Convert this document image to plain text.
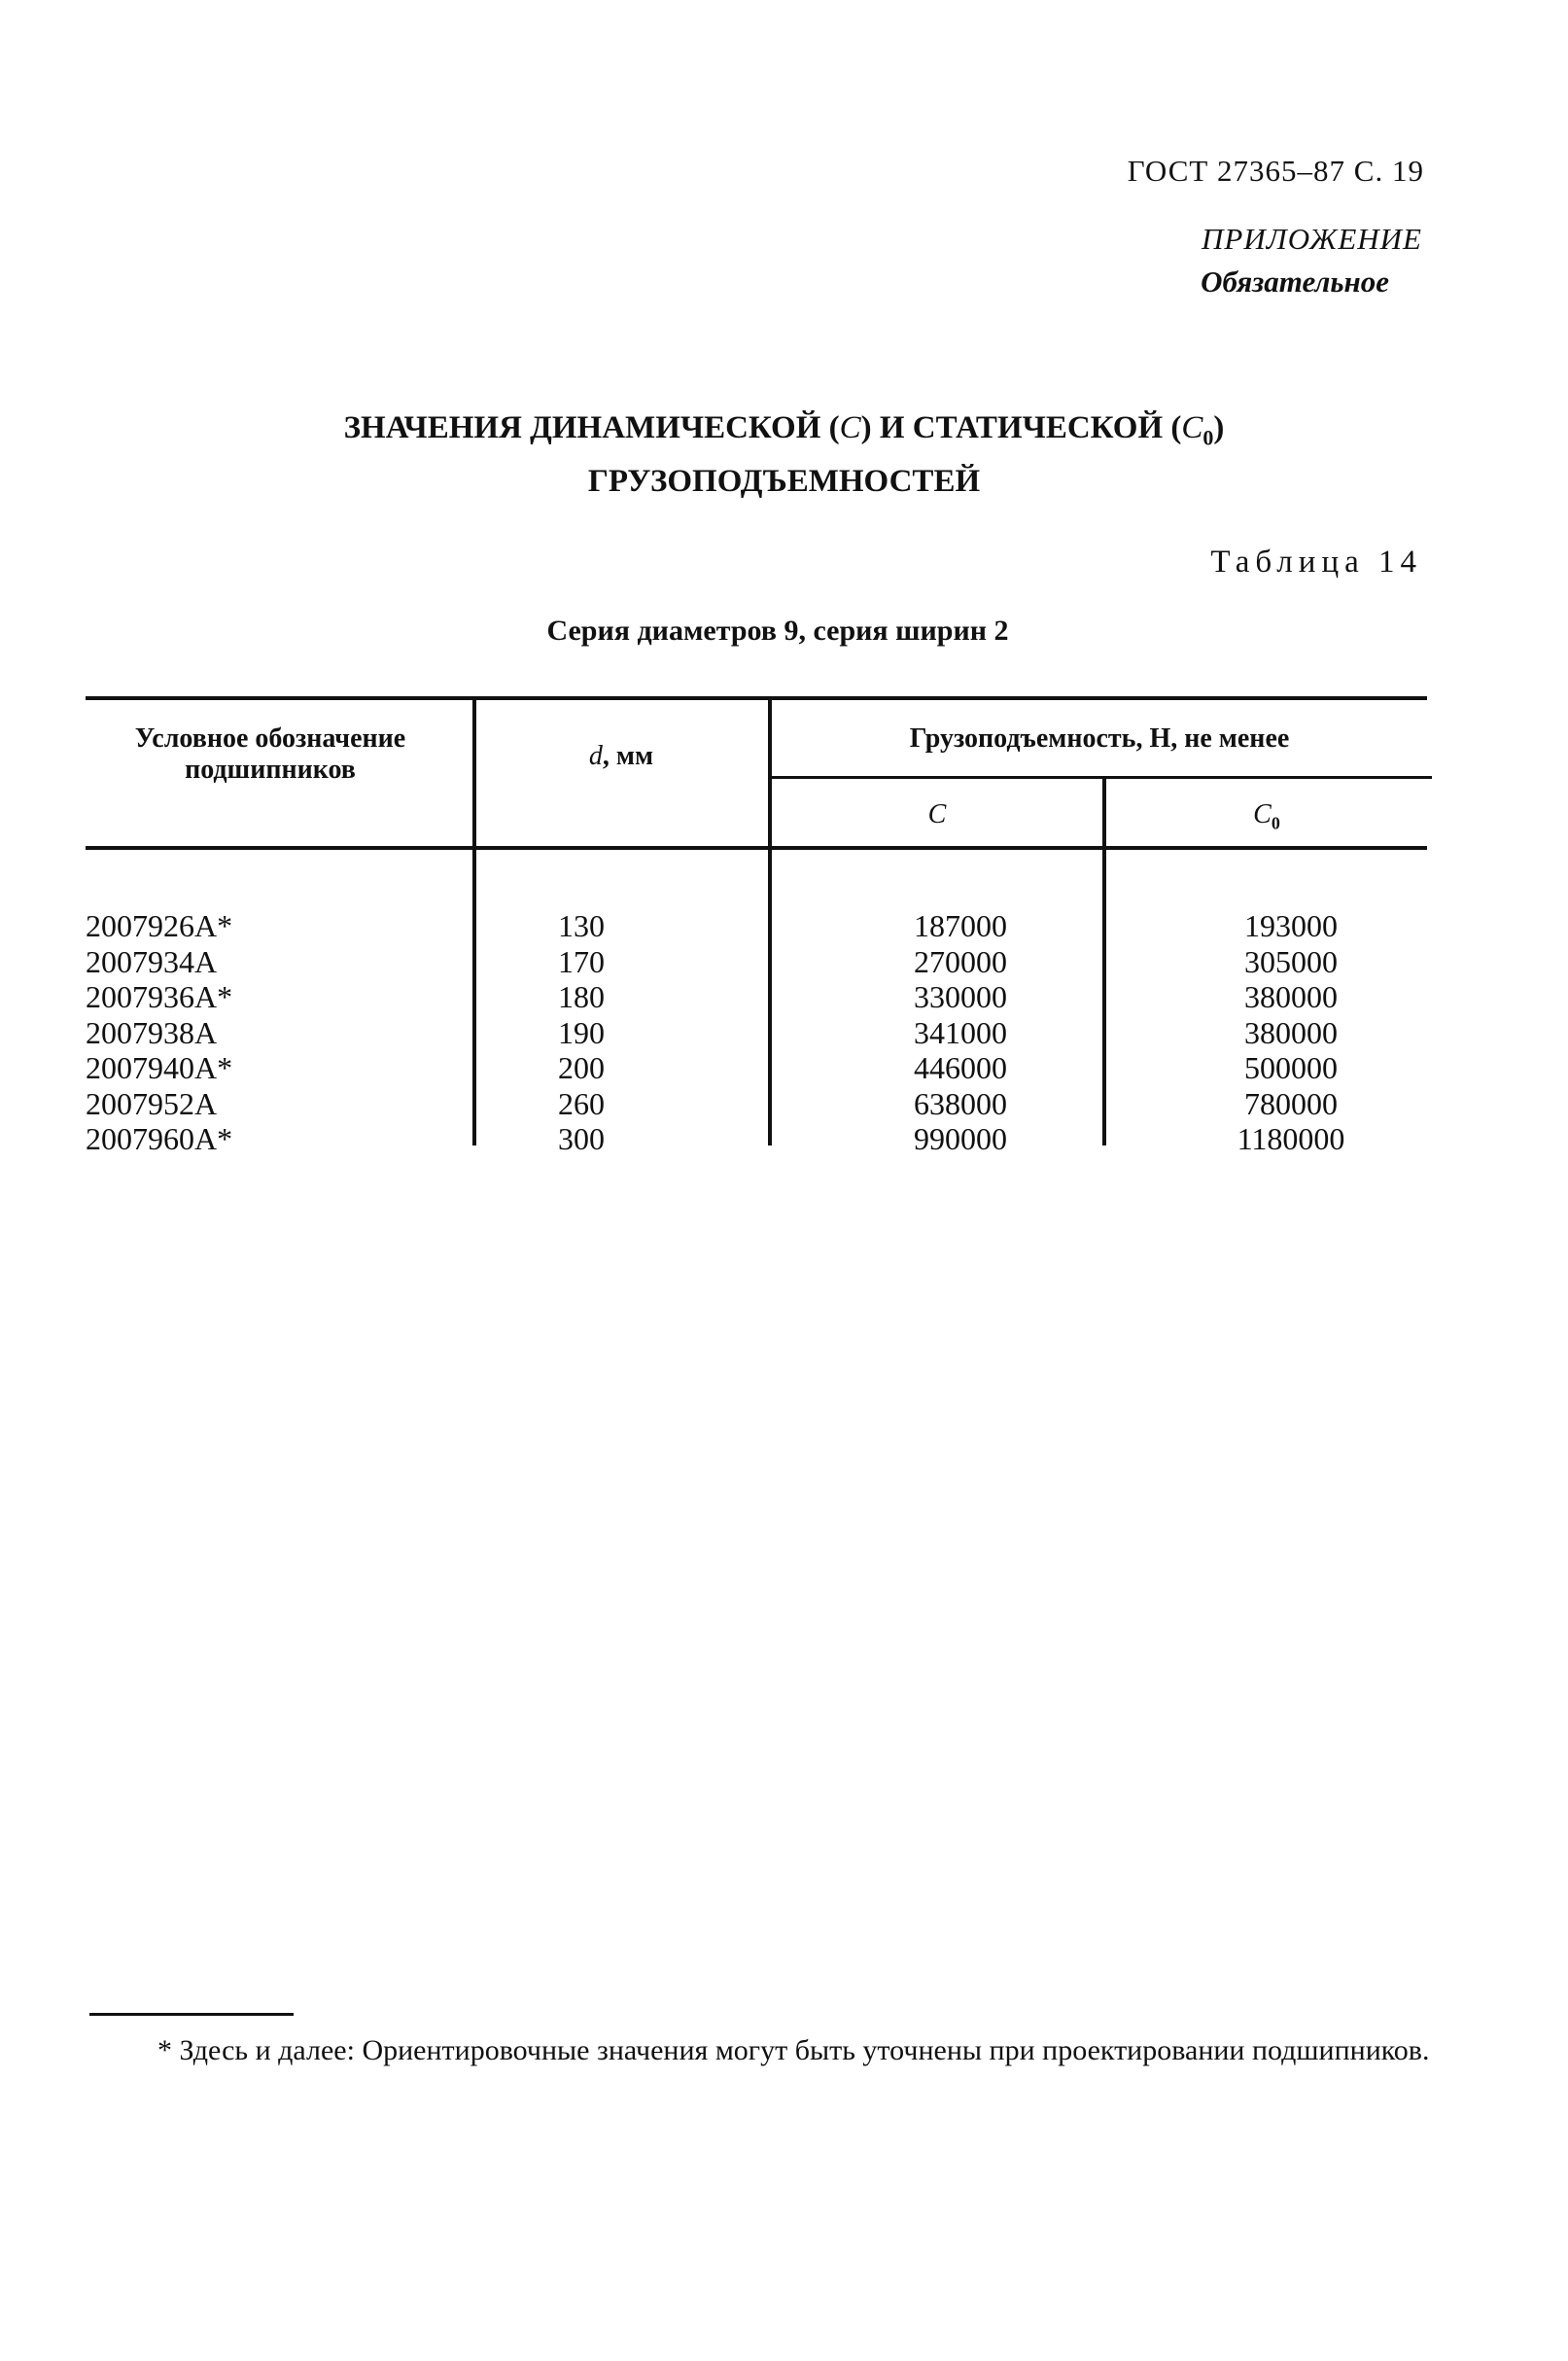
ГОСТ 27365–87 С. 19
ПРИЛОЖЕНИЕ
Обязательное
ЗНАЧЕНИЯ ДИНАМИЧЕСКОЙ (C) И СТАТИЧЕСКОЙ $(C_0)$
ГРУЗОПОДЪЕМНОСТЕЙ
Таблица 14
Серия диаметров 9, серия ширин 2
Условное обозначение подшипников	d, мм
Грузоподъемность, Н, не менее
C	$C_0$
2007926A*
2007934A
2007936A*
2007938A
2007940A*
2007952A
2007960A*
130
170
180
190
200
260
300
187000
270000
330000
341000
446000
638000
990000
193000
305000
380000
380000
500000
780000
1180000
* Здесь и далее: Ориентировочные значения могут быть уточнены при проектировании подшипников.
